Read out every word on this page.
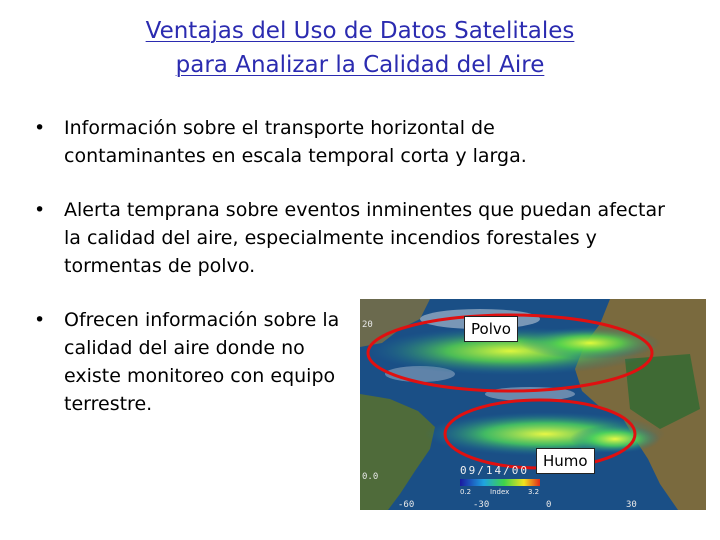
Ventajas del Uso de Datos Satelitales
para Analizar la Calidad del Aire
• Información sobre el transporte horizontal de contaminantes en escala temporal corta y larga.
• Alerta temprana sobre eventos inminentes que puedan afectar la calidad del aire, especialmente incendios forestales y tormentas de polvo.
• Ofrecen información sobre la calidad del aire donde no existe monitoreo con equipo terrestre.
20
0.0
-60	-30	0	30
09/14/00
0.2	Index	3.2
Polvo
Humo
